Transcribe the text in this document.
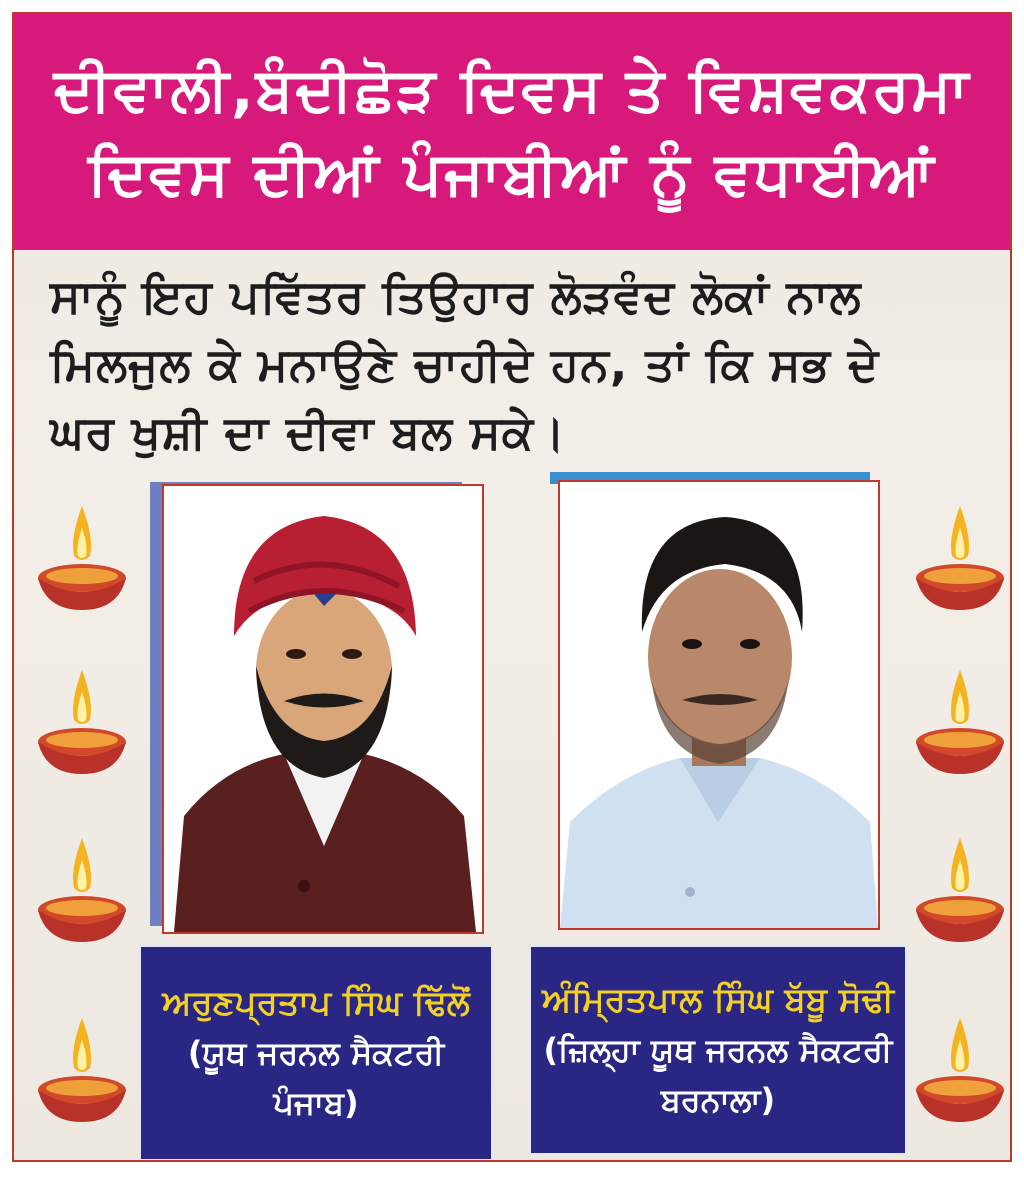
ਦੀਵਾਲੀ,ਬੰਦੀਛੋੜ ਦਿਵਸ ਤੇ ਵਿਸ਼ਵਕਰਮਾ
ਦਿਵਸ ਦੀਆਂ ਪੰਜਾਬੀਆਂ ਨੂੰ ਵਧਾਈਆਂ
ਸਾਨੂੰ ਇਹ ਪਵਿੱਤਰ ਤਿਉਹਾਰ ਲੋੜਵੰਦ ਲੋਕਾਂ ਨਾਲ
ਮਿਲਜੁਲ ਕੇ ਮਨਾਉਣੇ ਚਾਹੀਦੇ ਹਨ, ਤਾਂ ਕਿ ਸਭ ਦੇ
ਘਰ ਖੁਸ਼ੀ ਦਾ ਦੀਵਾ ਬਲ ਸਕੇ।
ਅਰੁਣਪ੍ਰਤਾਪ ਸਿੰਘ ਢਿੱਲੋਂ
(ਯੂਥ ਜਰਨਲ ਸੈਕਟਰੀ
ਪੰਜਾਬ)
ਅੰਮ੍ਰਿਤਪਾਲ ਸਿੰਘ ਬੱਬੂ ਸੋਢੀ
(ਜ਼ਿਲ੍ਹਾ ਯੂਥ ਜਰਨਲ ਸੈਕਟਰੀ
ਬਰਨਾਲਾ)
